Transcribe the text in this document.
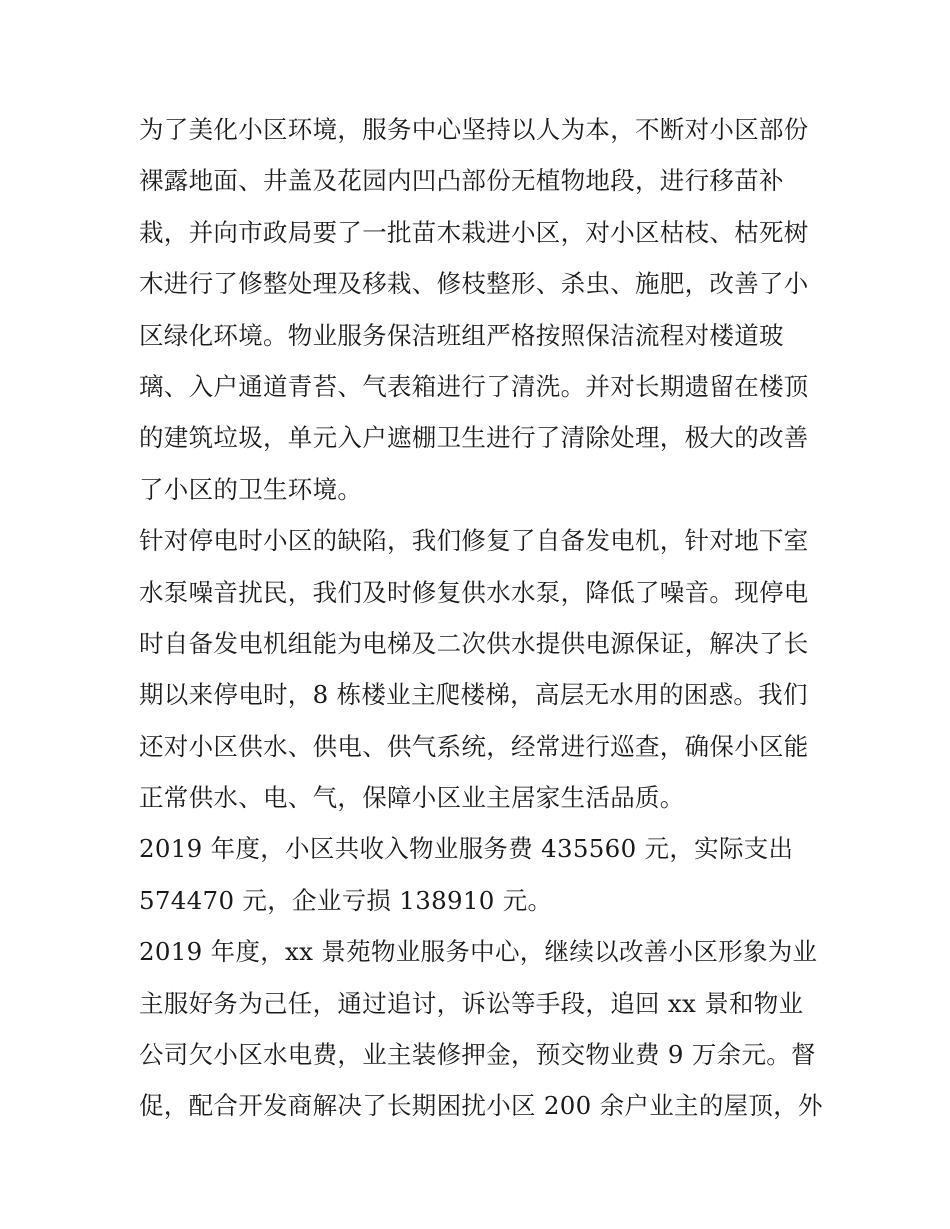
为了美化小区环境，服务中心坚持以人为本，不断对小区部份
裸露地面、井盖及花园内凹凸部份无植物地段，进行移苗补
栽，并向市政局要了一批苗木栽进小区，对小区枯枝、枯死树
木进行了修整处理及移栽、修枝整形、杀虫、施肥，改善了小
区绿化环境。物业服务保洁班组严格按照保洁流程对楼道玻
璃、入户通道青苔、气表箱进行了清洗。并对长期遗留在楼顶
的建筑垃圾，单元入户遮棚卫生进行了清除处理，极大的改善
了小区的卫生环境。
针对停电时小区的缺陷，我们修复了自备发电机，针对地下室
水泵噪音扰民，我们及时修复供水水泵，降低了噪音。现停电
时自备发电机组能为电梯及二次供水提供电源保证，解决了长
期以来停电时，8 栋楼业主爬楼梯，高层无水用的困惑。我们
还对小区供水、供电、供气系统，经常进行巡查，确保小区能
正常供水、电、气，保障小区业主居家生活品质。
2019 年度，小区共收入物业服务费 435560 元，实际支出
574470 元，企业亏损 138910 元。
2019 年度，xx 景苑物业服务中心，继续以改善小区形象为业
主服好务为己任，通过追讨，诉讼等手段，追回 xx 景和物业
公司欠小区水电费，业主装修押金，预交物业费 9 万余元。督
促，配合开发商解决了长期困扰小区 200 余户业主的屋顶，外
